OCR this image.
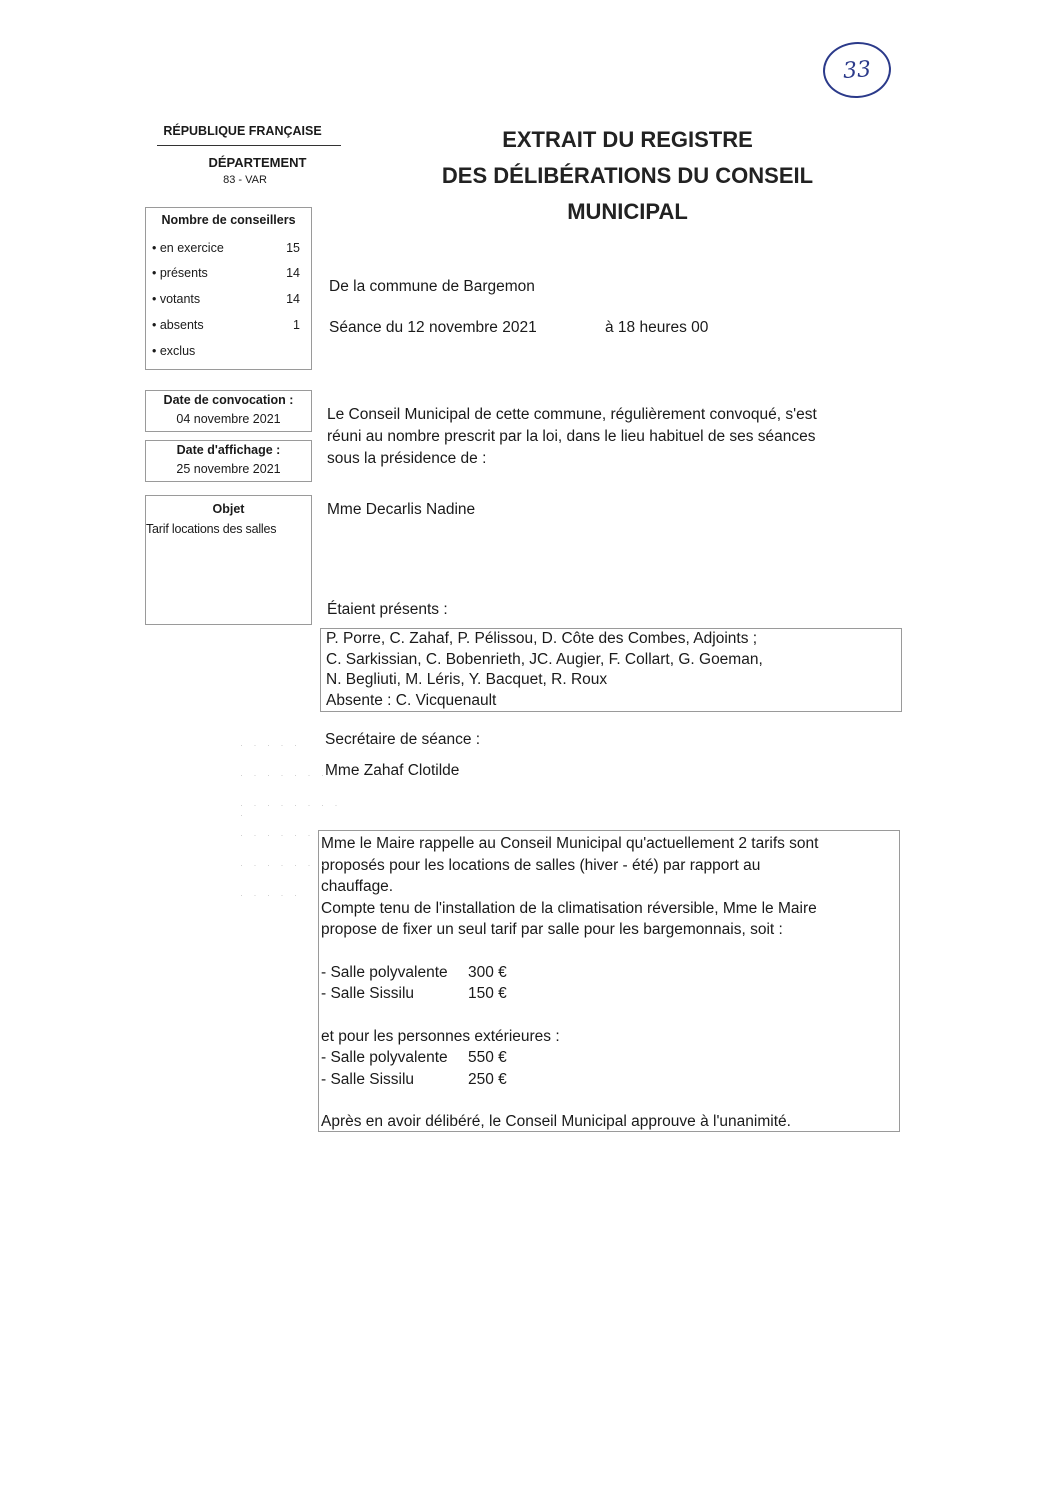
33
RÉPUBLIQUE FRANÇAISE
DÉPARTEMENT
83 - VAR
EXTRAIT DU REGISTRE
DES DÉLIBÉRATIONS DU CONSEIL
MUNICIPAL
Nombre de conseillers
• en exercice	15
• présents	14
• votants	14
• absents	1
• exclus
De la commune de Bargemon
Séance du 12 novembre 2021	à 18 heures 00
Date de convocation :
04 novembre 2021
Date d'affichage :
25 novembre 2021
Objet
Tarif locations des salles
Le Conseil Municipal de cette commune, régulièrement convoqué, s'est
réuni au nombre prescrit par la loi, dans le lieu habituel de ses séances
sous la présidence de :
Mme Decarlis Nadine
Étaient présents :
P. Porre, C. Zahaf, P. Pélissou, D. Côte des Combes, Adjoints ;
C. Sarkissian, C. Bobenrieth, JC. Augier, F. Collart, G. Goeman,
N. Begliuti, M. Léris, Y. Bacquet, R. Roux
Absente : C. Vicquenault
Secrétaire de séance :
Mme Zahaf Clotilde
Mme le Maire rappelle au Conseil Municipal qu'actuellement 2 tarifs sont
proposés pour les locations de salles (hiver - été) par rapport au
chauffage.
Compte tenu de l'installation de la climatisation réversible, Mme le Maire
propose de fixer un seul tarif par salle pour les bargemonnais, soit :
- Salle polyvalente	300 €
- Salle Sissilu	150 €
et pour les personnes extérieures :
- Salle polyvalente	550 €
- Salle Sissilu	250 €
Après en avoir délibéré, le Conseil Municipal approuve à l'unanimité.
· · · · ·
· · · · · · · ·
· · · · · · · · ·
· · · · · ·
· · · · · · ·
· · · · ·
